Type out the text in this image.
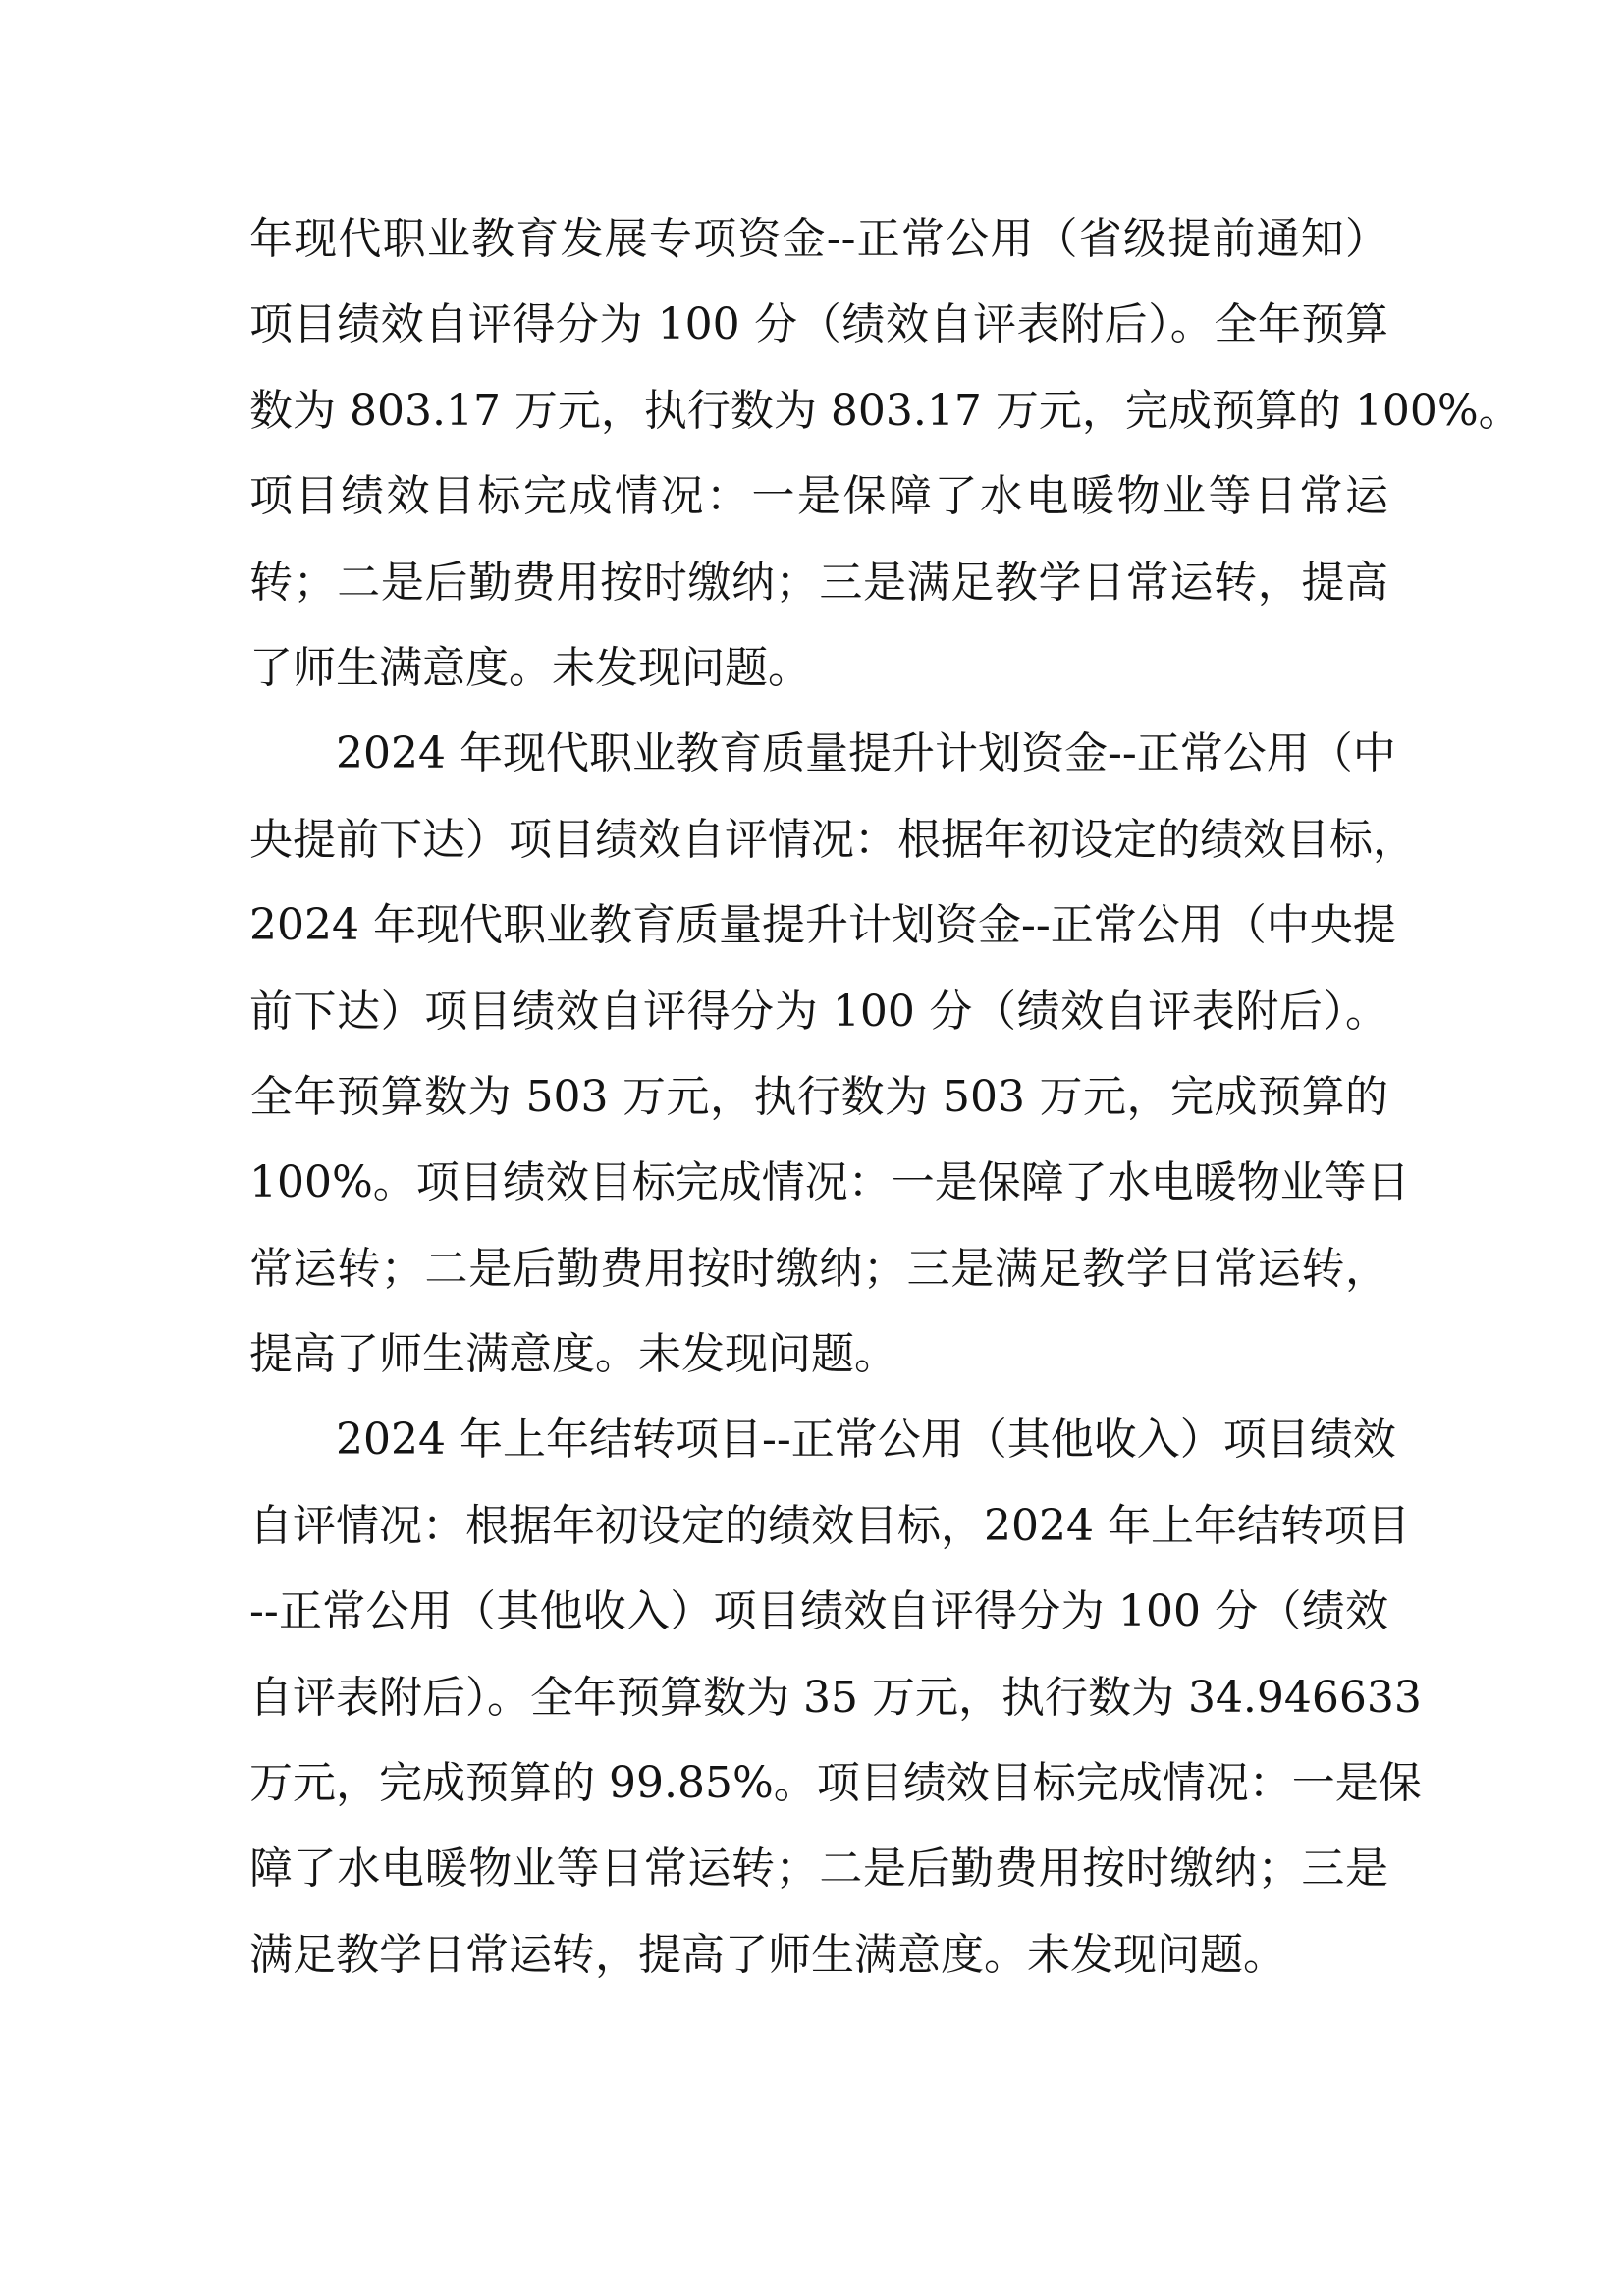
年现代职业教育发展专项资金--正常公用（省级提前通知）
项目绩效自评得分为 100 分（绩效自评表附后）。全年预算
数为 803.17 万元，执行数为 803.17 万元，完成预算的 100%。
项目绩效目标完成情况：一是保障了水电暖物业等日常运
转；二是后勤费用按时缴纳；三是满足教学日常运转，提高
了师生满意度。未发现问题。
2024 年现代职业教育质量提升计划资金--正常公用（中
央提前下达）项目绩效自评情况：根据年初设定的绩效目标，
2024 年现代职业教育质量提升计划资金--正常公用（中央提
前下达）项目绩效自评得分为 100 分（绩效自评表附后）。
全年预算数为 503 万元，执行数为 503 万元，完成预算的
100%。项目绩效目标完成情况：一是保障了水电暖物业等日
常运转；二是后勤费用按时缴纳；三是满足教学日常运转，
提高了师生满意度。未发现问题。
2024 年上年结转项目--正常公用（其他收入）项目绩效
自评情况：根据年初设定的绩效目标，2024 年上年结转项目
--正常公用（其他收入）项目绩效自评得分为 100 分（绩效
自评表附后）。全年预算数为 35 万元，执行数为 34.946633
万元，完成预算的 99.85%。项目绩效目标完成情况：一是保
障了水电暖物业等日常运转；二是后勤费用按时缴纳；三是
满足教学日常运转，提高了师生满意度。未发现问题。
